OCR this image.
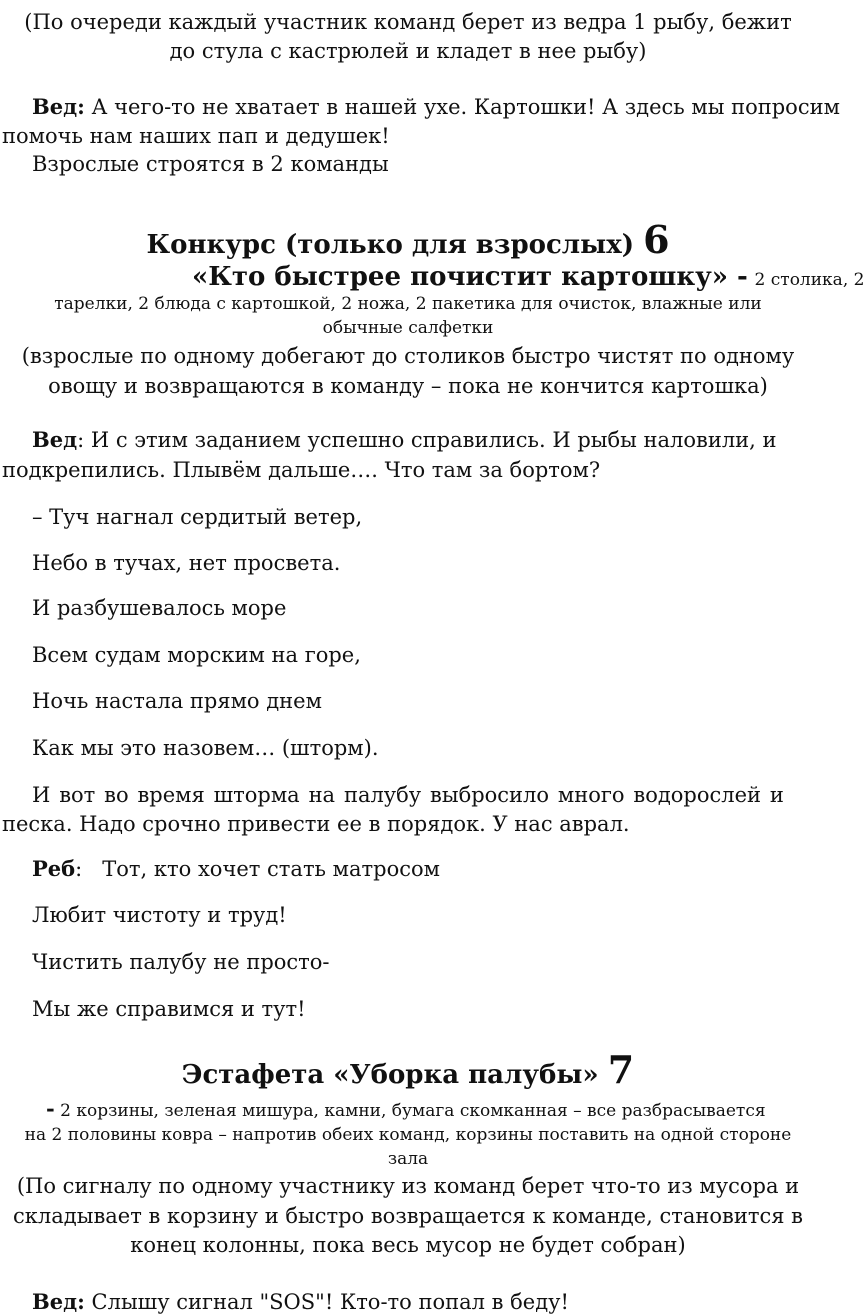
(По очереди каждый участник команд берет из ведра 1 рыбу, бежит
до стула с кастрюлей и кладет в нее рыбу)
Вед: А чего-то не хватает в нашей ухе. Картошки! А здесь мы попросим
помочь нам наших пап и дедушек!
Взрослые строятся в 2 команды
Конкурс (только для взрослых) 6
«Кто быстрее почистит картошку» - 2 столика, 2
тарелки, 2 блюда с картошкой, 2 ножа, 2 пакетика для очисток, влажные или
обычные салфетки
(взрослые по одному добегают до столиков быстро чистят по одному
овощу и возвращаются в команду – пока не кончится картошка)
Вед: И с этим заданием успешно справились. И рыбы наловили, и
подкрепились. Плывём дальше…. Что там за бортом?
– Туч нагнал сердитый ветер,
Небо в тучах, нет просвета.
И разбушевалось море
Всем судам морским на горе,
Ночь настала прямо днем
Как мы это назовем… (шторм).
И вот во время шторма на палубу выбросило много водорослей и
песка. Надо срочно привести ее в порядок. У нас аврал.
Реб:   Тот, кто хочет стать матросом
Любит чистоту и труд!
Чистить палубу не просто-
Мы же справимся и тут!
Эстафета «Уборка палубы» 7
- 2 корзины, зеленая мишура, камни, бумага скомканная – все разбрасывается
на 2 половины ковра – напротив обеих команд, корзины поставить на одной стороне
зала
(По сигналу по одному участнику из команд берет что-то из мусора и
складывает в корзину и быстро возвращается к команде, становится в
конец колонны, пока весь мусор не будет собран)
Вед: Слышу сигнал "SOS"! Кто-то попал в беду!
